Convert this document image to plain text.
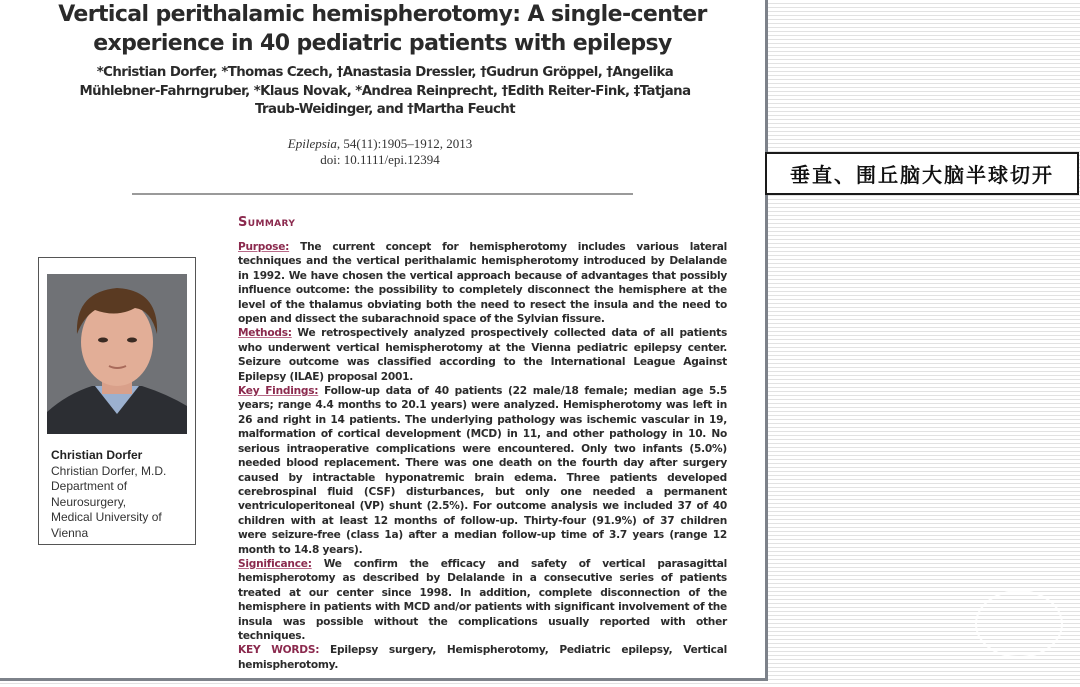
Vertical perithalamic hemispherotomy: A single-center
experience in 40 pediatric patients with epilepsy
*Christian Dorfer, *Thomas Czech, †Anastasia Dressler, †Gudrun Gröppel, †Angelika
Mühlebner-Fahrngruber, *Klaus Novak, *Andrea Reinprecht, †Edith Reiter-Fink, ‡Tatjana
Traub-Weidinger, and †Martha Feucht
Epilepsia, 54(11):1905–1912, 2013
doi: 10.1111/epi.12394
Summary

Purpose: The current concept for hemispherotomy includes various lateral techniques and the vertical perithalamic hemispherotomy introduced by Delalande in 1992. We have chosen the vertical approach because of advantages that possibly influence outcome: the possibility to completely disconnect the hemisphere at the level of the thalamus obviating both the need to resect the insula and the need to open and dissect the subarachnoid space of the Sylvian fissure.

Methods: We retrospectively analyzed prospectively collected data of all patients who underwent vertical hemispherotomy at the Vienna pediatric epilepsy center. Seizure outcome was classified according to the International League Against Epilepsy (ILAE) proposal 2001.

Key Findings: Follow-up data of 40 patients (22 male/18 female; median age 5.5 years; range 4.4 months to 20.1 years) were analyzed. Hemispherotomy was left in 26 and right in 14 patients. The underlying pathology was ischemic vascular in 19, malformation of cortical development (MCD) in 11, and other pathology in 10. No serious intraoperative complications were encountered. Only two infants (5.0%) needed blood replacement. There was one death on the fourth day after surgery caused by intractable hyponatremic brain edema. Three patients developed cerebrospinal fluid (CSF) disturbances, but only one needed a permanent ventriculoperitoneal (VP) shunt (2.5%). For outcome analysis we included 37 of 40 children with at least 12 months of follow-up. Thirty-four (91.9%) of 37 children were seizure-free (class 1a) after a median follow-up time of 3.7 years (range 12 month to 14.8 years).

Significance: We confirm the efficacy and safety of vertical parasagittal hemispherotomy as described by Delalande in a consecutive series of patients treated at our center since 1998. In addition, complete disconnection of the hemisphere in patients with MCD and/or patients with significant involvement of the insula was possible without the complications usually reported with other techniques.

KEY WORDS: Epilepsy surgery, Hemispherotomy, Pediatric epilepsy, Vertical hemispherotomy.

Christian Dorfer
Christian Dorfer, M.D.
Department of
Neurosurgery,
Medical University of
Vienna
垂直、围丘脑大脑半球切开
